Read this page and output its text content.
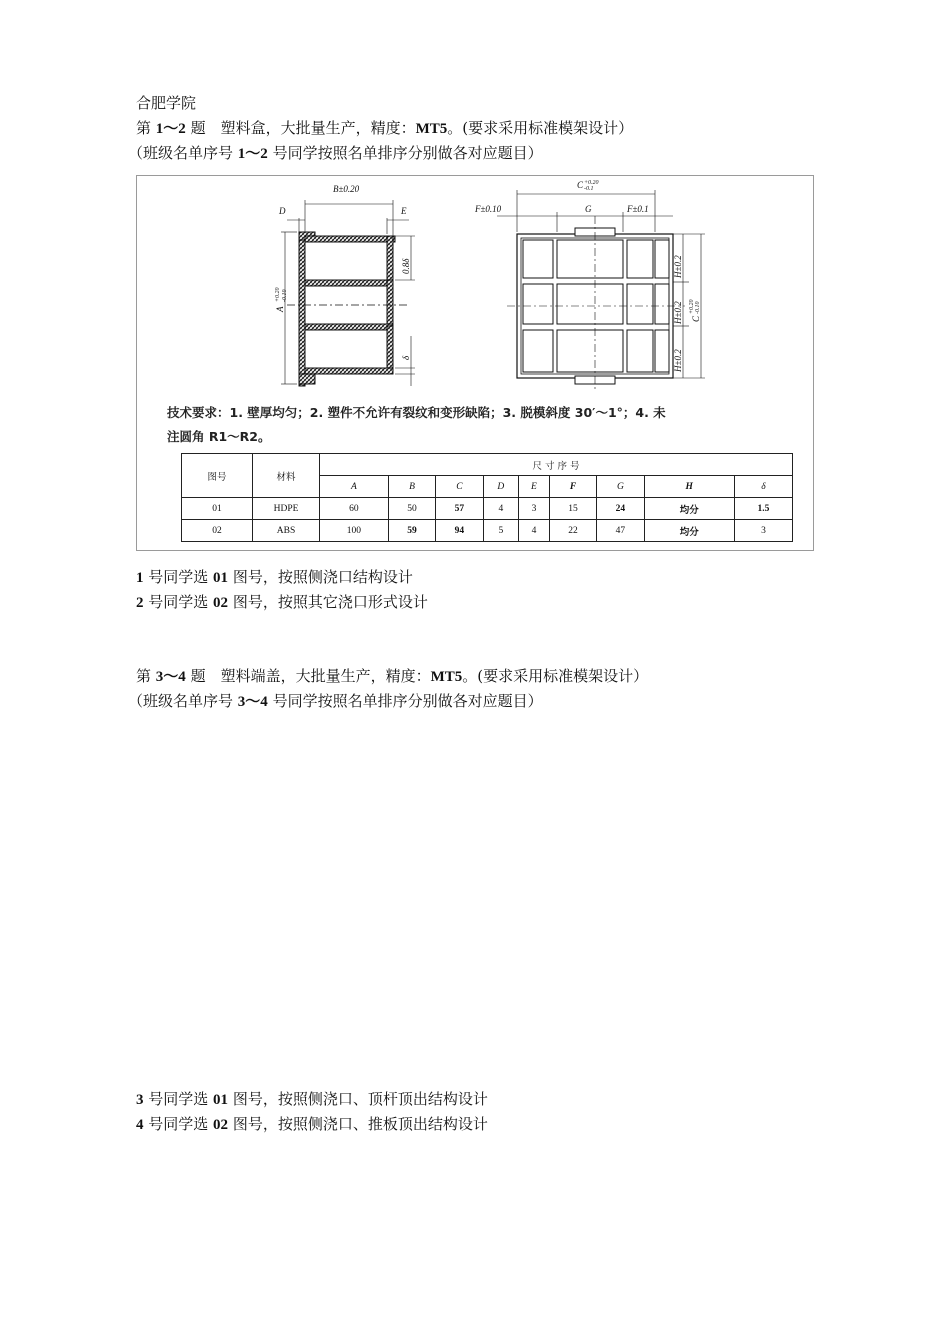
合肥学院
第 1～2 题　塑料盒，大批量生产，精度：MT5。(要求采用标准模架设计）
（班级名单序号 1～2 号同学按照名单排序分别做各对应题目）
B±0.20
D	E
A
+0.20 -0.10
0.8δ
δ
C +0.20
-0.1
F±0.10	G	F±0.1
H±0.2
H±0.2
H±0.2
C
+0.20 -0.10
技术要求：1. 壁厚均匀；2. 塑件不允许有裂纹和变形缺陷；3. 脱模斜度 30′～1°；4. 未
注圆角 R1～R2。
图号	材料	尺 寸 序 号								
		A	B	C	D	E	F	G	H	δ
01	HDPE	60	50	57	4	3	15	24	均分	1.5
02	ABS	100	59	94	5	4	22	47	均分	3
1 号同学选 01 图号，按照侧浇口结构设计
2 号同学选 02 图号，按照其它浇口形式设计
第 3～4 题　塑料端盖，大批量生产，精度：MT5。(要求采用标准模架设计）
（班级名单序号 3～4 号同学按照名单排序分别做各对应题目）
3 号同学选 01 图号，按照侧浇口、顶杆顶出结构设计
4 号同学选 02 图号，按照侧浇口、推板顶出结构设计
